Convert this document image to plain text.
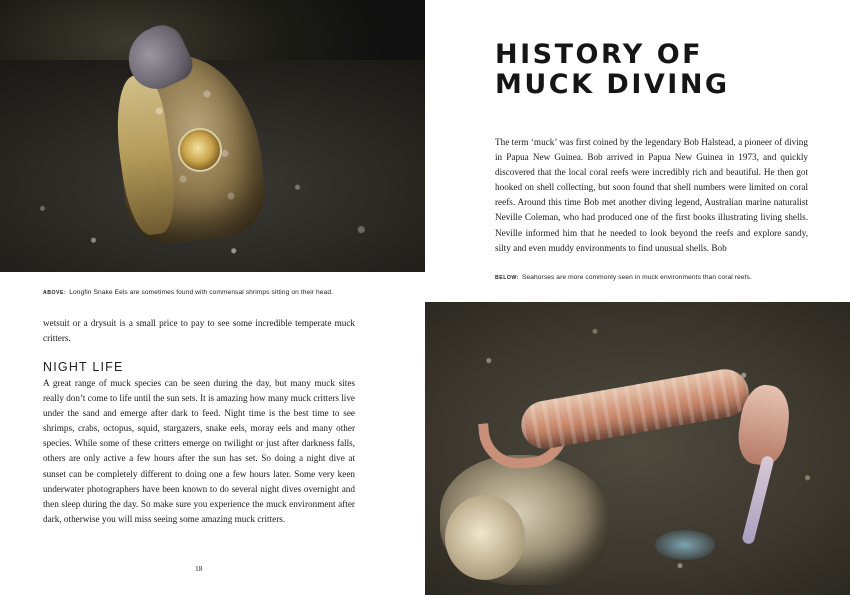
ABOVE: Longfin Snake Eels are sometimes found with commensal shrimps sitting on their head.

wetsuit or a drysuit is a small price to pay to see some incredible temperate muck critters.

NIGHT LIFE

A great range of muck species can be seen during the day, but many muck sites really don’t come to life until the sun sets. It is amazing how many muck critters live under the sand and emerge after dark to feed. Night time is the best time to see shrimps, crabs, octopus, squid, stargazers, snake eels, moray eels and many other species. While some of these critters emerge on twilight or just after darkness falls, others are only active a few hours after the sun has set. So doing a night dive at sunset can be completely different to doing one a few hours later. Some very keen underwater photographers have been known to do several night dives overnight and then sleep during the day. So make sure you experience the muck environment after dark, otherwise you will miss seeing some amazing muck critters.

18
HISTORY OF
MUCK DIVING

The term ‘muck’ was first coined by the legendary Bob Halstead, a pioneer of diving in Papua New Guinea. Bob arrived in Papua New Guinea in 1973, and quickly discovered that the local coral reefs were incredibly rich and beautiful. He then got hooked on shell collecting, but soon found that shell numbers were limited on coral reefs. Around this time Bob met another diving legend, Australian marine naturalist Neville Coleman, who had produced one of the first books illustrating living shells. Neville informed him that he needed to look beyond the reefs and explore sandy, silty and even muddy environments to find unusual shells. Bob

BELOW: Seahorses are more commonly seen in muck environments than coral reefs.
